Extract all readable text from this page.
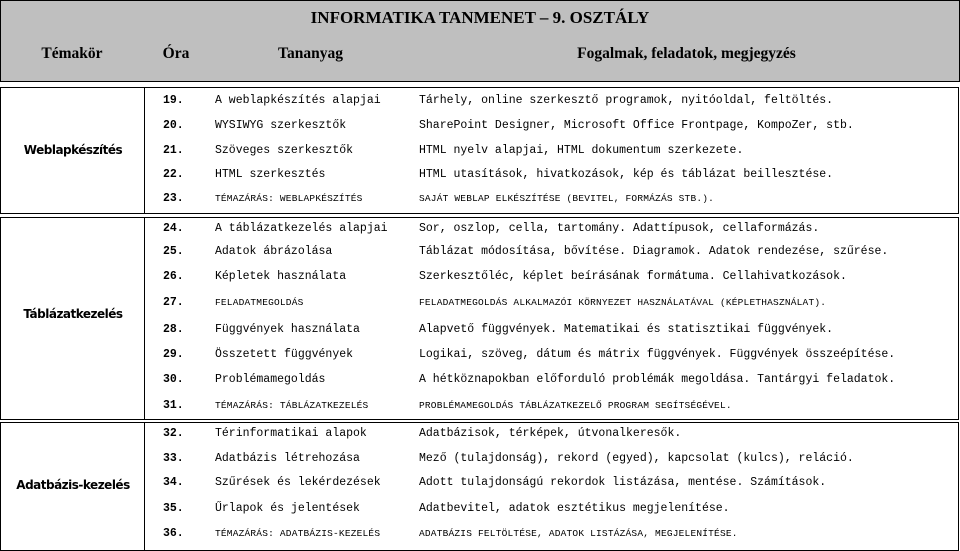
INFORMATIKA TANMENET – 9. OSZTÁLY
Témakör	Óra	Tananyag	Fogalmak, feladatok, megjegyzés
Weblapkészítés
19.	A weblapkészítés alapjai	Tárhely, online szerkesztő programok, nyitóoldal, feltöltés.
20.	WYSIWYG szerkesztők	SharePoint Designer, Microsoft Office Frontpage, KompoZer, stb.
21.	Szöveges szerkesztők	HTML nyelv alapjai, HTML dokumentum szerkezete.
22.	HTML szerkesztés	HTML utasítások, hivatkozások, kép és táblázat beillesztése.
23.	TÉMAZÁRÁS: WEBLAPKÉSZÍTÉS	SAJÁT WEBLAP ELKÉSZÍTÉSE (BEVITEL, FORMÁZÁS STB.).
Táblázatkezelés
24.	A táblázatkezelés alapjai	Sor, oszlop, cella, tartomány. Adattípusok, cellaformázás.
25.	Adatok ábrázolása	Táblázat módosítása, bővítése. Diagramok. Adatok rendezése, szűrése.
26.	Képletek használata	Szerkesztőléc, képlet beírásának formátuma. Cellahivatkozások.
27.	FELADATMEGOLDÁS	FELADATMEGOLDÁS ALKALMAZÓI KÖRNYEZET HASZNÁLATÁVAL (KÉPLETHASZNÁLAT).
28.	Függvények használata	Alapvető függvények. Matematikai és statisztikai függvények.
29.	Összetett függvények	Logikai, szöveg, dátum és mátrix függvények. Függvények összeépítése.
30.	Problémamegoldás	A hétköznapokban előforduló problémák megoldása. Tantárgyi feladatok.
31.	TÉMAZÁRÁS: TÁBLÁZATKEZELÉS	PROBLÉMAMEGOLDÁS TÁBLÁZATKEZELŐ PROGRAM SEGÍTSÉGÉVEL.
Adatbázis-kezelés
32.	Térinformatikai alapok	Adatbázisok, térképek, útvonalkeresők.
33.	Adatbázis létrehozása	Mező (tulajdonság), rekord (egyed), kapcsolat (kulcs), reláció.
34.	Szűrések és lekérdezések	Adott tulajdonságú rekordok listázása, mentése. Számítások.
35.	Űrlapok és jelentések	Adatbevitel, adatok esztétikus megjelenítése.
36.	TÉMAZÁRÁS: ADATBÁZIS-KEZELÉS	ADATBÁZIS FELTÖLTÉSE, ADATOK LISTÁZÁSA, MEGJELENÍTÉSE.
